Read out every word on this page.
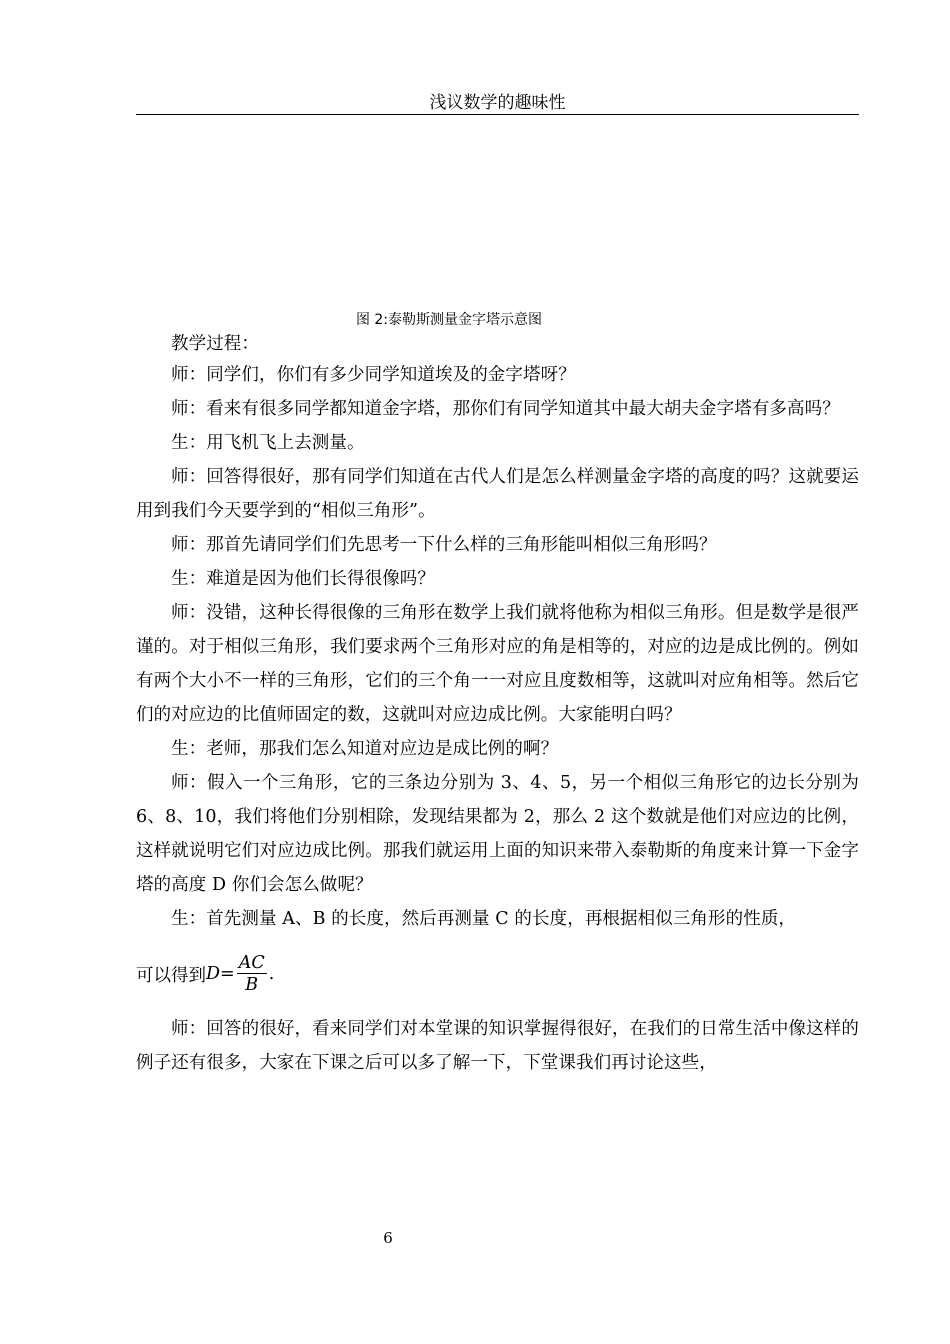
浅议数学的趣味性
图 2:泰勒斯测量金字塔示意图

教学过程：

师：同学们，你们有多少同学知道埃及的金字塔呀？

师：看来有很多同学都知道金字塔，那你们有同学知道其中最大胡夫金字塔有多高吗？

生：用飞机飞上去测量。

师：回答得很好，那有同学们知道在古代人们是怎么样测量金字塔的高度的吗？这就要运用到我们今天要学到的“相似三角形”。

师：那首先请同学们们先思考一下什么样的三角形能叫相似三角形吗？

生：难道是因为他们长得很像吗？

师：没错，这种长得很像的三角形在数学上我们就将他称为相似三角形。但是数学是很严谨的。对于相似三角形，我们要求两个三角形对应的角是相等的，对应的边是成比例的。例如有两个大小不一样的三角形，它们的三个角一一对应且度数相等，这就叫对应角相等。然后它们的对应边的比值师固定的数，这就叫对应边成比例。大家能明白吗？

生：老师，那我们怎么知道对应边是成比例的啊？

师：假入一个三角形，它的三条边分别为 3、4、5，另一个相似三角形它的边长分别为 6、8、10，我们将他们分别相除，发现结果都为 2，那么 2 这个数就是他们对应边的比例，这样就说明它们对应边成比例。那我们就运用上面的知识来带入泰勒斯的角度来计算一下金字塔的高度 D 你们会怎么做呢？

生：首先测量 A、B 的长度，然后再测量 C 的长度，再根据相似三角形的性质，

可以得到 $D = \frac{AC}{B}$ .

师：回答的很好，看来同学们对本堂课的知识掌握得很好，在我们的日常生活中像这样的例子还有很多，大家在下课之后可以多了解一下，下堂课我们再讨论这些，

6
